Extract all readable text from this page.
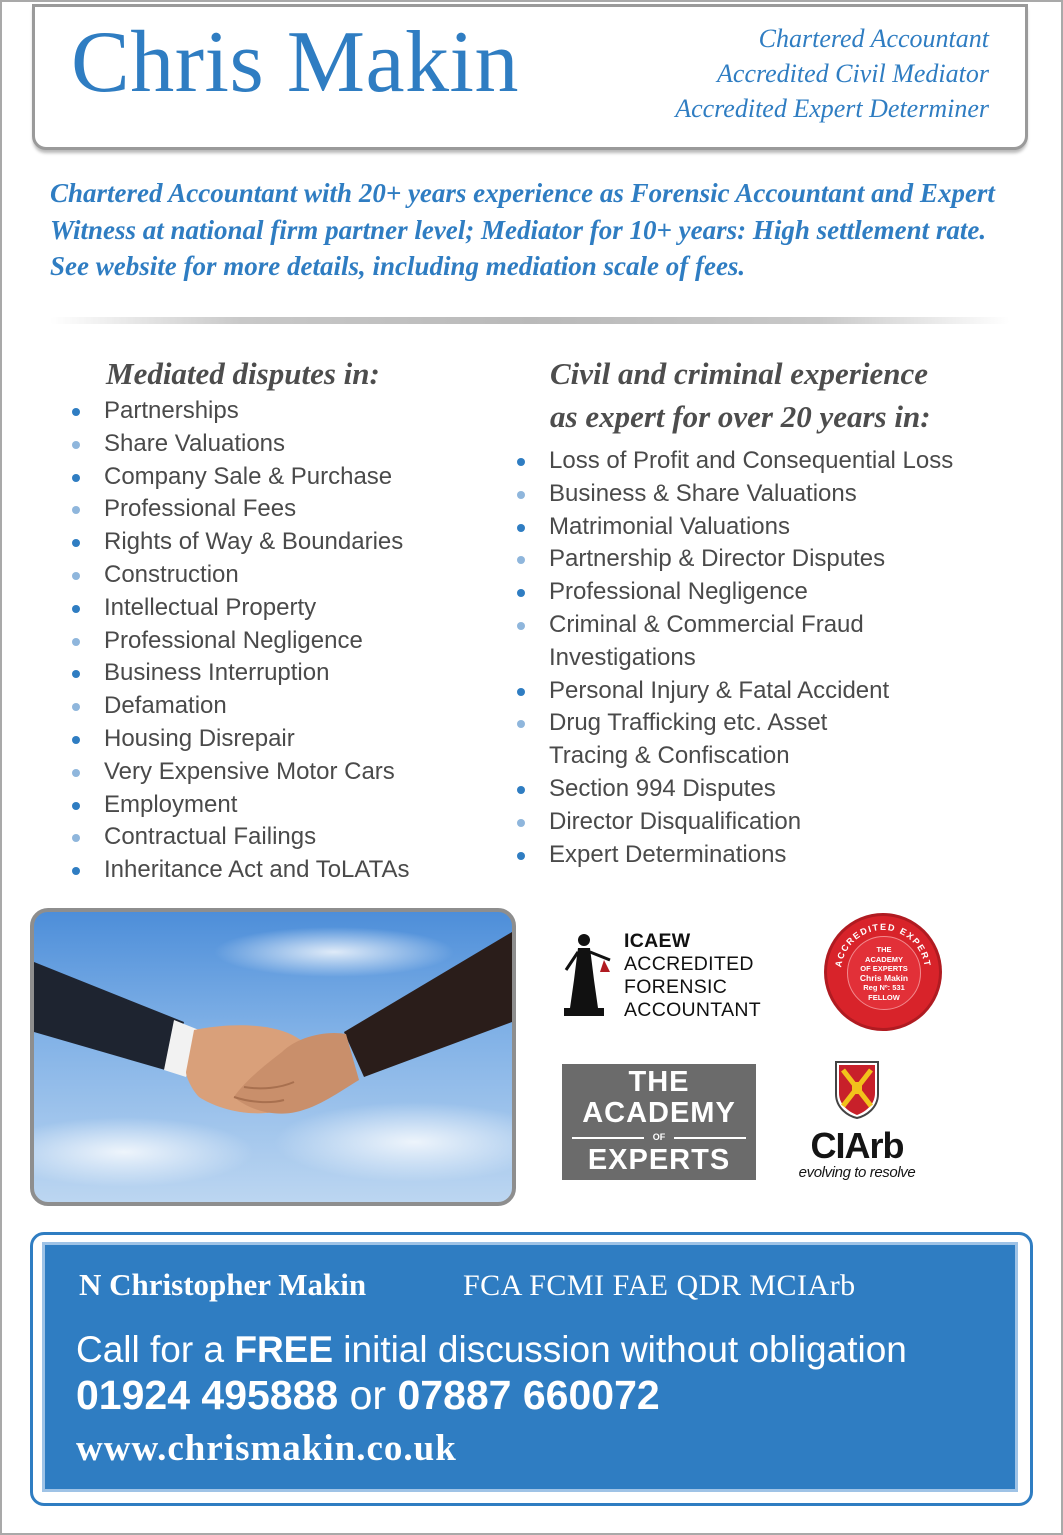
Chris Makin	Chartered Accountant
Accredited Civil Mediator
Accredited Expert Determiner
Chartered Accountant with 20+ years experience as Forensic Accountant and Expert Witness at national firm partner level; Mediator for 10+ years: High settlement rate. See website for more details, including mediation scale of fees.
Mediated disputes in:
Partnerships
Share Valuations
Company Sale & Purchase
Professional Fees
Rights of Way & Boundaries
Construction
Intellectual Property
Professional Negligence
Business Interruption
Defamation
Housing Disrepair
Very Expensive Motor Cars
Employment
Contractual Failings
Inheritance Act and ToLATAs
Civil and criminal experience
as expert for over 20 years in:
Loss of Profit and Consequential Loss
Business & Share Valuations
Matrimonial Valuations
Partnership & Director Disputes
Professional Negligence
Criminal & Commercial Fraud
Investigations
Personal Injury & Fatal Accident
Drug Trafficking etc. Asset
Tracing & Confiscation
Section 994 Disputes
Director Disqualification
Expert Determinations
ICAEW
ACCREDITED
FORENSIC
ACCOUNTANT
ACCREDITED EXPERT
THE
ACADEMY
OF EXPERTS
Chris Makin
Reg Nº: 531
FELLOW
THE
ACADEMY
OF
EXPERTS	CIArb
evolving to resolve
N Christopher Makin	FCA FCMI FAE QDR MCIArb
Call for a FREE initial discussion without obligation
01924 495888 or 07887 660072
www.chrismakin.co.uk
